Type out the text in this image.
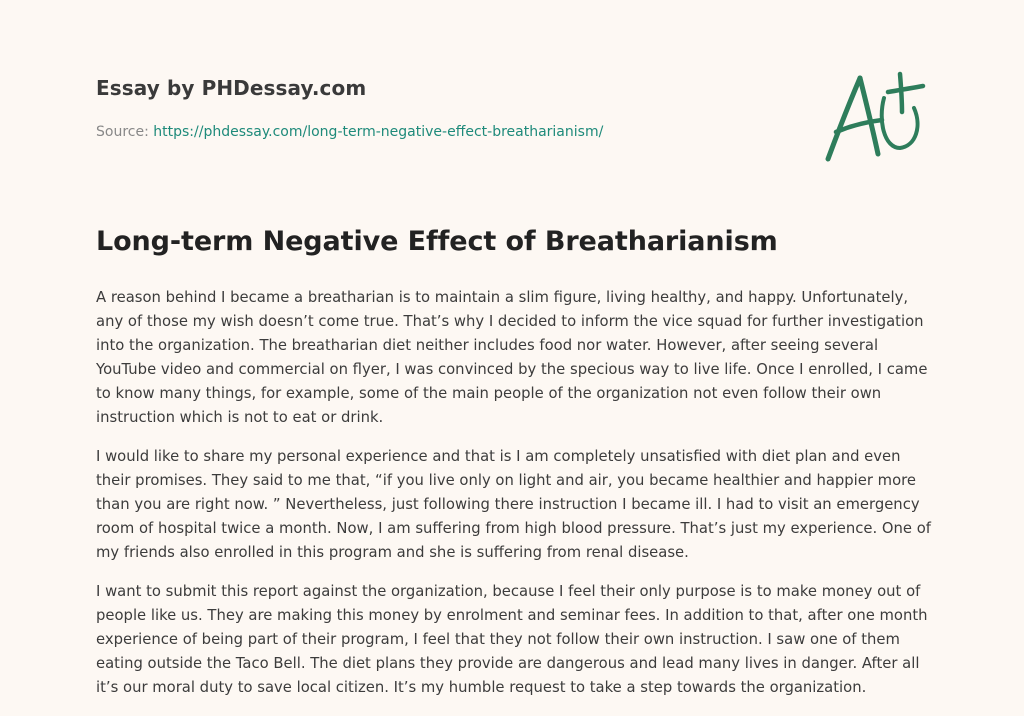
Essay by PHDessay.com
Source: https://phdessay.com/long-term-negative-effect-breatharianism/
Long-term Negative Effect of Breatharianism

A reason behind I became a breatharian is to maintain a slim figure, living healthy, and happy. Unfortunately, any of those my wish doesn’t come true. That’s why I decided to inform the vice squad for further investigation into the organization. The breatharian diet neither includes food nor water. However, after seeing several YouTube video and commercial on flyer, I was convinced by the specious way to live life. Once I enrolled, I came to know many things, for example, some of the main people of the organization not even follow their own instruction which is not to eat or drink.

I would like to share my personal experience and that is I am completely unsatisfied with diet plan and even their promises. They said to me that, “if you live only on light and air, you became healthier and happier more than you are right now. ” Nevertheless, just following there instruction I became ill. I had to visit an emergency room of hospital twice a month. Now, I am suffering from high blood pressure. That’s just my experience. One of my friends also enrolled in this program and she is suffering from renal disease.

I want to submit this report against the organization, because I feel their only purpose is to make money out of people like us. They are making this money by enrolment and seminar fees. In addition to that, after one month experience of being part of their program, I feel that they not follow their own instruction. I saw one of them eating outside the Taco Bell. The diet plans they provide are dangerous and lead many lives in danger. After all it’s our moral duty to save local citizen. It’s my humble request to take a step towards the organization.
